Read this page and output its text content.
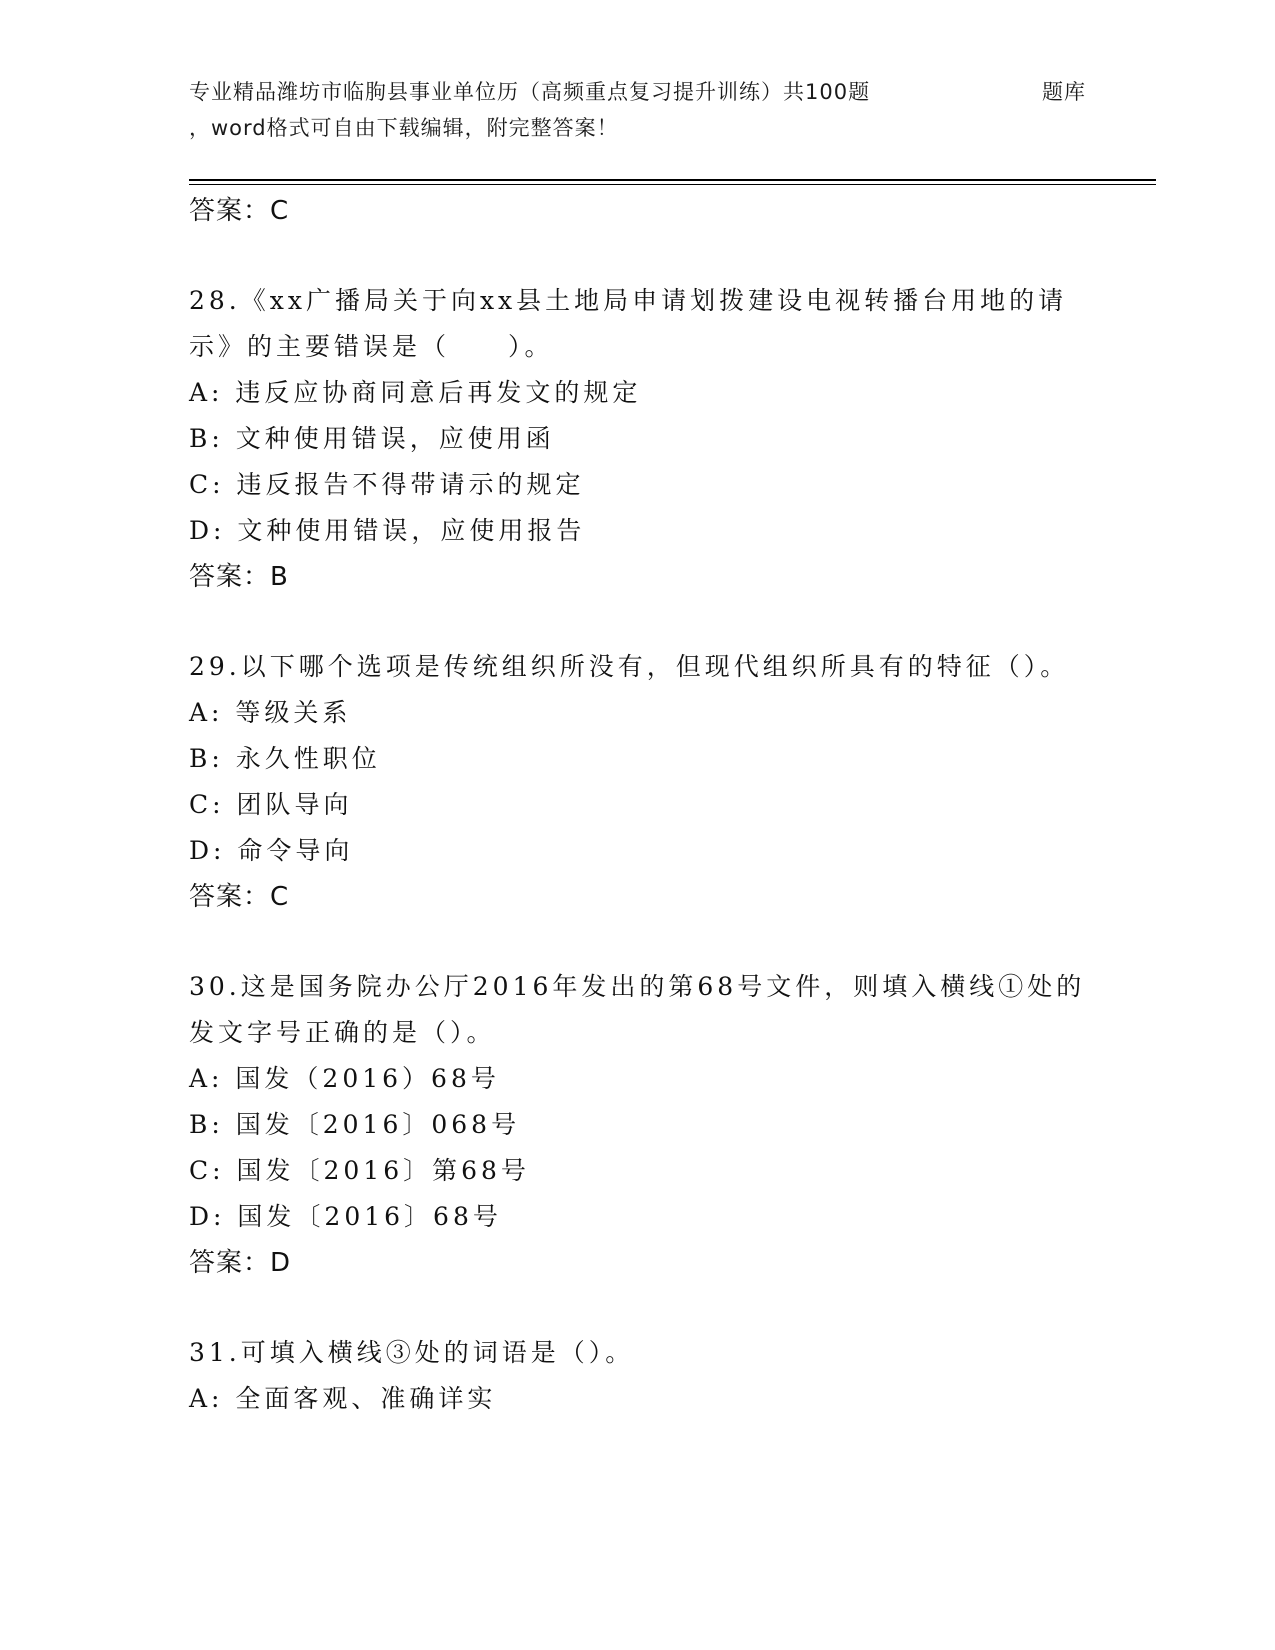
专业精品潍坊市临朐县事业单位历（高频重点复习提升训练）共100题	题库
，word格式可自由下载编辑，附完整答案！
答案：C
28.《xx广播局关于向xx县土地局申请划拨建设电视转播台用地的请示》的主要错误是（　　）。
A: 违反应协商同意后再发文的规定
B: 文种使用错误，应使用函
C: 违反报告不得带请示的规定
D: 文种使用错误，应使用报告
答案：B
29.以下哪个选项是传统组织所没有，但现代组织所具有的特征（）。
A: 等级关系
B: 永久性职位
C: 团队导向
D: 命令导向
答案：C
30.这是国务院办公厅2016年发出的第68号文件，则填入横线①处的发文字号正确的是（）。
A: 国发（2016）68号
B: 国发〔2016〕068号
C: 国发〔2016〕第68号
D: 国发〔2016〕68号
答案：D
31.可填入横线③处的词语是（）。
A: 全面客观、准确详实
